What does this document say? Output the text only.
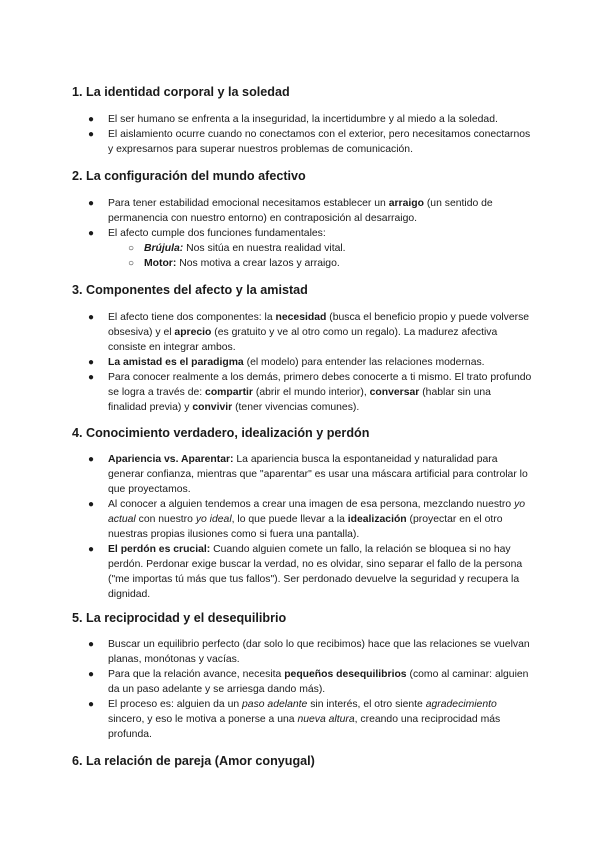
1. La identidad corporal y la soledad
● El ser humano se enfrenta a la inseguridad, la incertidumbre y al miedo a la soledad.
● El aislamiento ocurre cuando no conectamos con el exterior, pero necesitamos conectarnos y expresarnos para superar nuestros problemas de comunicación.
2. La configuración del mundo afectivo
● Para tener estabilidad emocional necesitamos establecer un arraigo (un sentido de permanencia con nuestro entorno) en contraposición al desarraigo.
● El afecto cumple dos funciones fundamentales:
○ Brújula: Nos sitúa en nuestra realidad vital.
○ Motor: Nos motiva a crear lazos y arraigo.
3. Componentes del afecto y la amistad
● El afecto tiene dos componentes: la necesidad (busca el beneficio propio y puede volverse obsesiva) y el aprecio (es gratuito y ve al otro como un regalo). La madurez afectiva consiste en integrar ambos.
● La amistad es el paradigma (el modelo) para entender las relaciones modernas.
● Para conocer realmente a los demás, primero debes conocerte a ti mismo. El trato profundo se logra a través de: compartir (abrir el mundo interior), conversar (hablar sin una finalidad previa) y convivir (tener vivencias comunes).
4. Conocimiento verdadero, idealización y perdón
● Apariencia vs. Aparentar: La apariencia busca la espontaneidad y naturalidad para generar confianza, mientras que "aparentar" es usar una máscara artificial para controlar lo que proyectamos.
● Al conocer a alguien tendemos a crear una imagen de esa persona, mezclando nuestro yo actual con nuestro yo ideal, lo que puede llevar a la idealización (proyectar en el otro nuestras propias ilusiones como si fuera una pantalla).
● El perdón es crucial: Cuando alguien comete un fallo, la relación se bloquea si no hay perdón. Perdonar exige buscar la verdad, no es olvidar, sino separar el fallo de la persona ("me importas tú más que tus fallos"). Ser perdonado devuelve la seguridad y recupera la dignidad.
5. La reciprocidad y el desequilibrio
● Buscar un equilibrio perfecto (dar solo lo que recibimos) hace que las relaciones se vuelvan planas, monótonas y vacías.
● Para que la relación avance, necesita pequeños desequilibrios (como al caminar: alguien da un paso adelante y se arriesga dando más).
● El proceso es: alguien da un paso adelante sin interés, el otro siente agradecimiento sincero, y eso le motiva a ponerse a una nueva altura, creando una reciprocidad más profunda.
6. La relación de pareja (Amor conyugal)
